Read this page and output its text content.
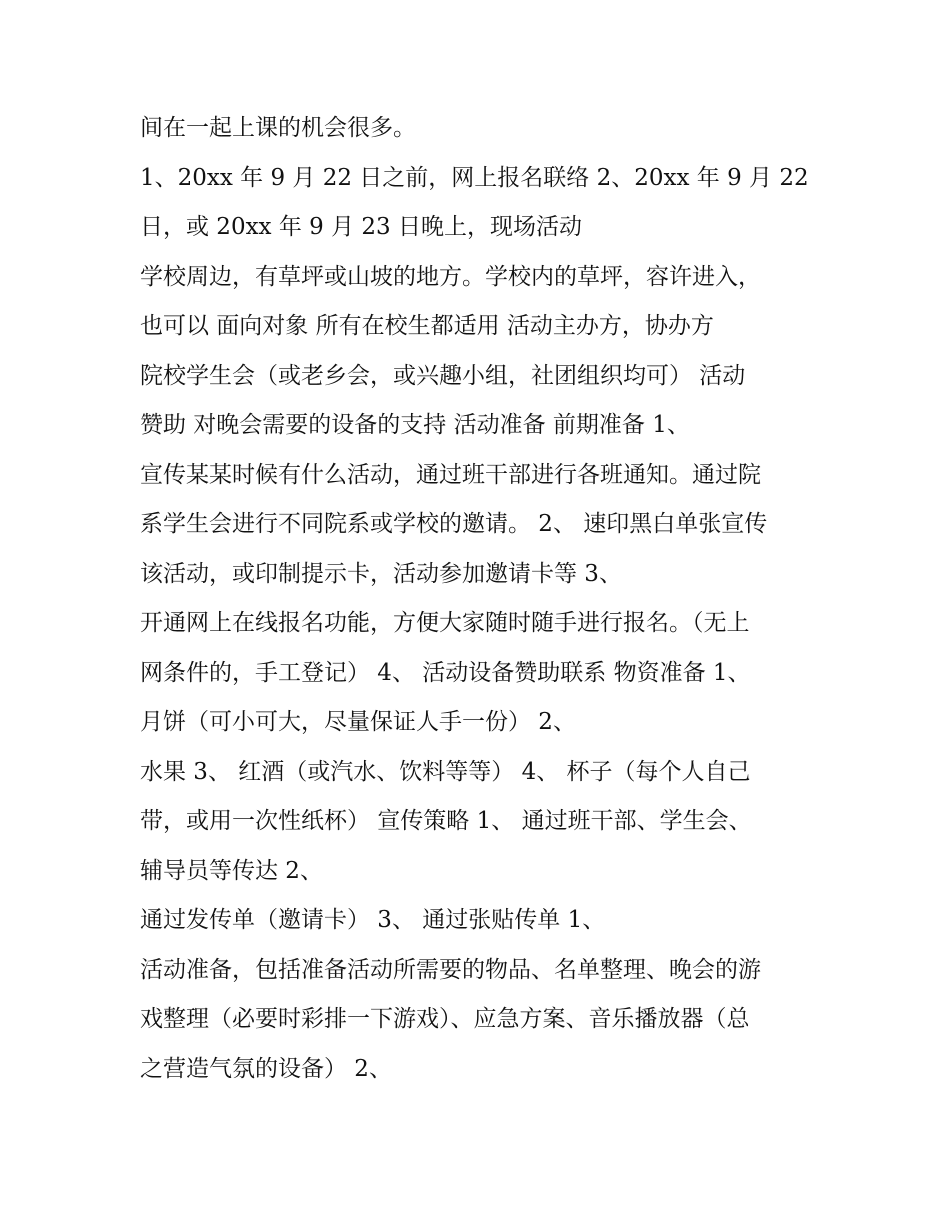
间在一起上课的机会很多。
1、20xx 年 9 月 22 日之前，网上报名联络 2、20xx 年 9 月 22
日，或 20xx 年 9 月 23 日晚上，现场活动
学校周边，有草坪或山坡的地方。学校内的草坪，容许进入，
也可以 面向对象 所有在校生都适用 活动主办方，协办方
院校学生会（或老乡会，或兴趣小组，社团组织均可） 活动
赞助 对晚会需要的设备的支持 活动准备 前期准备 1、
宣传某某时候有什么活动，通过班干部进行各班通知。通过院
系学生会进行不同院系或学校的邀请。 2、 速印黑白单张宣传
该活动，或印制提示卡，活动参加邀请卡等 3、
开通网上在线报名功能，方便大家随时随手进行报名。（无上
网条件的，手工登记） 4、 活动设备赞助联系 物资准备 1、
月饼（可小可大，尽量保证人手一份） 2、
水果 3、 红酒（或汽水、饮料等等） 4、 杯子（每个人自己
带，或用一次性纸杯） 宣传策略 1、 通过班干部、学生会、
辅导员等传达 2、
通过发传单（邀请卡） 3、 通过张贴传单 1、
活动准备，包括准备活动所需要的物品、名单整理、晚会的游
戏整理（必要时彩排一下游戏）、应急方案、音乐播放器（总
之营造气氛的设备） 2、
